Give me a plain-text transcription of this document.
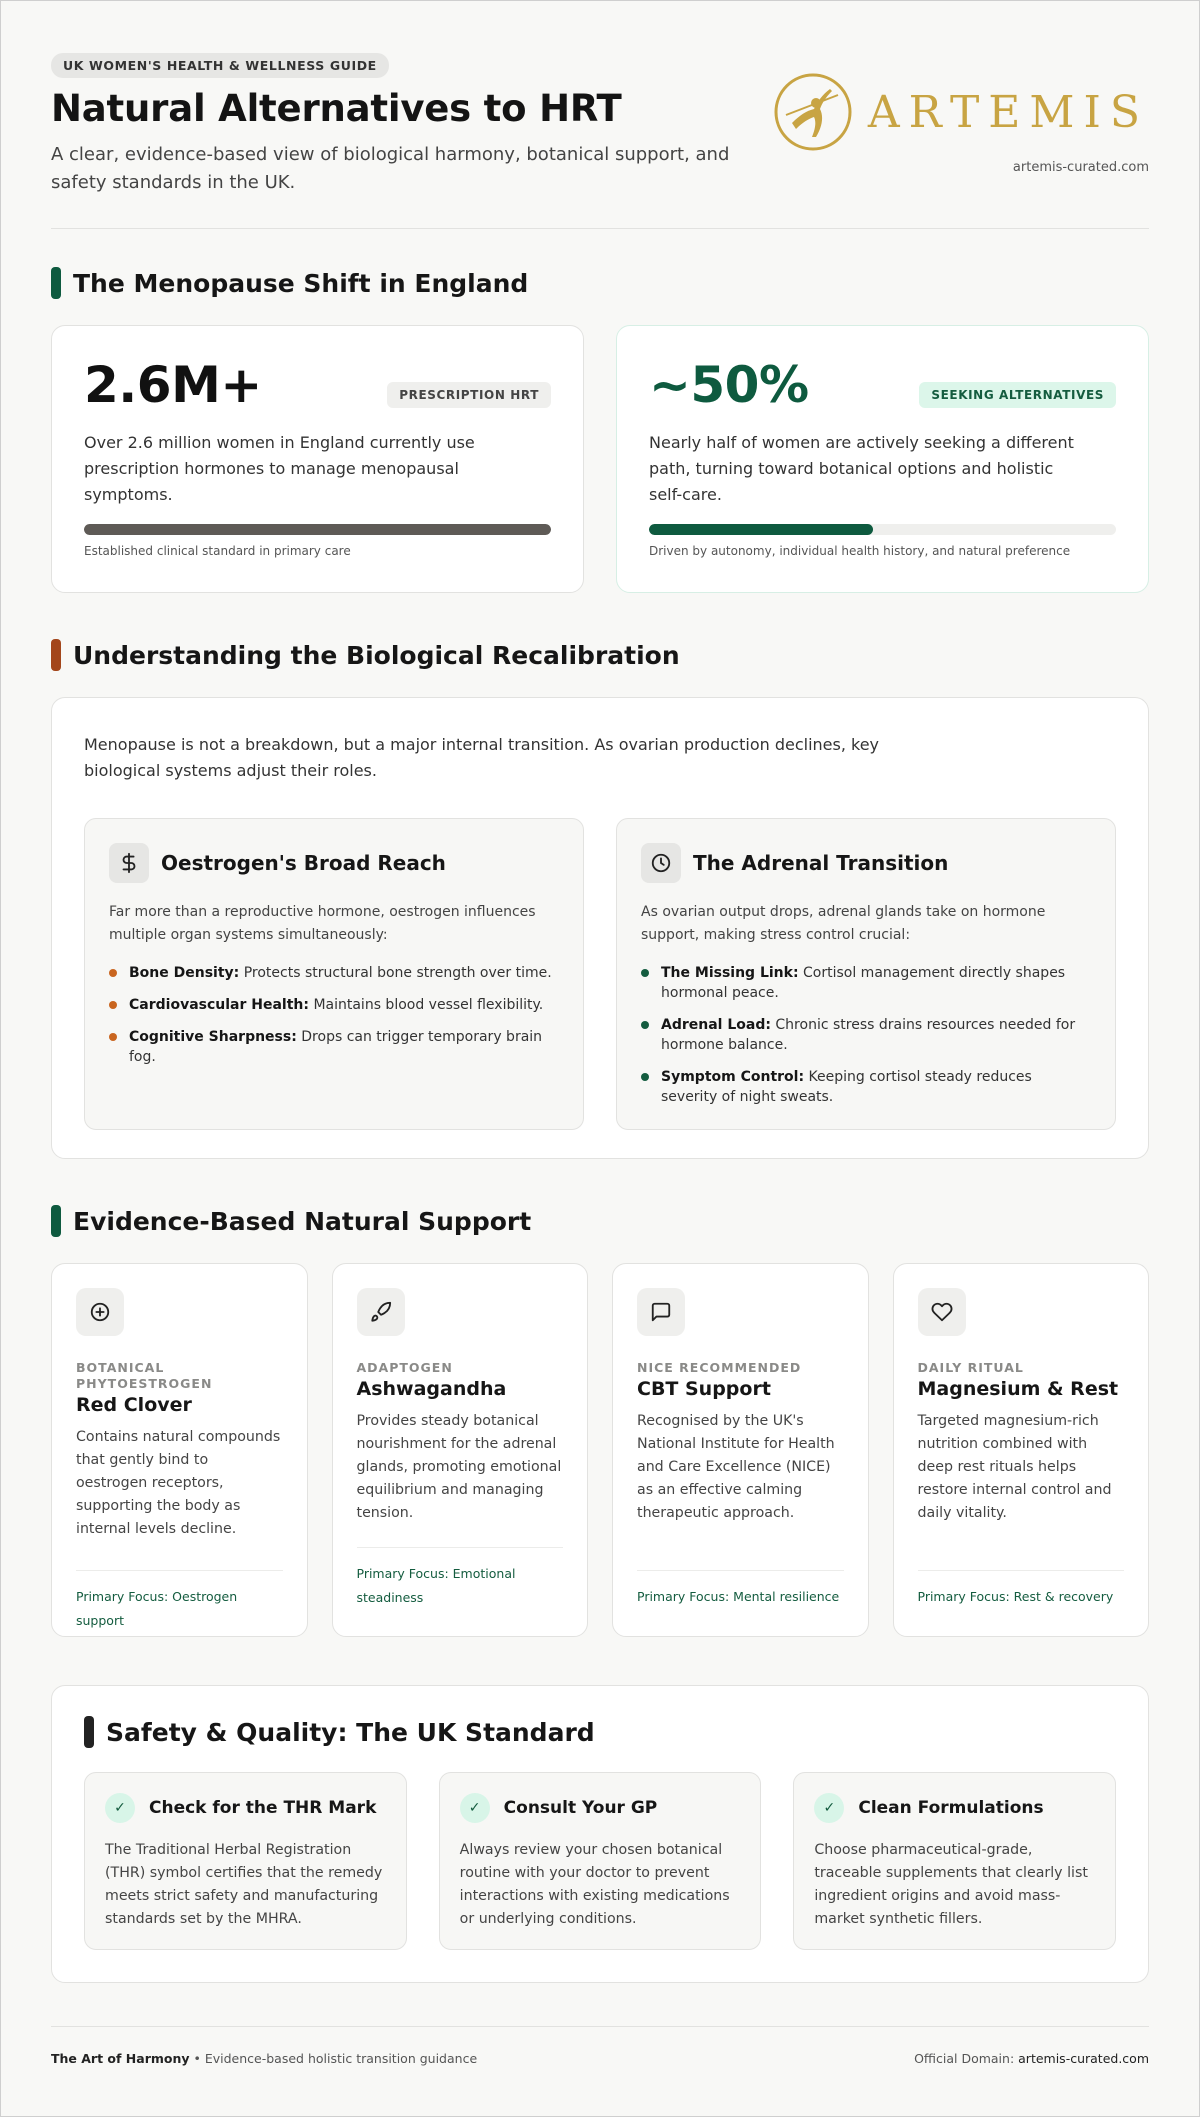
UK WOMEN'S HEALTH & WELLNESS GUIDE
Natural Alternatives to HRT

A clear, evidence-based view of biological harmony, botanical support, and safety standards in the UK.

ARTEMIS
artemis-curated.com
The Menopause Shift in England
2.6M+	PRESCRIPTION HRT

Over 2.6 million women in England currently use prescription hormones to manage menopausal symptoms.

Established clinical standard in primary care
~50%	SEEKING ALTERNATIVES

Nearly half of women are actively seeking a different path, turning toward botanical options and holistic self-care.

Driven by autonomy, individual health history, and natural preference
Understanding the Biological Recalibration

Menopause is not a breakdown, but a major internal transition. As ovarian production declines, key biological systems adjust their roles.

Oestrogen's Broad Reach

Far more than a reproductive hormone, oestrogen influences multiple organ systems simultaneously:

Bone Density: Protects structural bone strength over time.
Cardiovascular Health: Maintains blood vessel flexibility.
Cognitive Sharpness: Drops can trigger temporary brain fog.
The Adrenal Transition

As ovarian output drops, adrenal glands take on hormone support, making stress control crucial:

The Missing Link: Cortisol management directly shapes hormonal peace.
Adrenal Load: Chronic stress drains resources needed for hormone balance.
Symptom Control: Keeping cortisol steady reduces severity of night sweats.
Evidence-Based Natural Support
BOTANICAL PHYTOESTROGEN
Red Clover

Contains natural compounds that gently bind to oestrogen receptors, supporting the body as internal levels decline.

Primary Focus: Oestrogen support
ADAPTOGEN
Ashwagandha

Provides steady botanical nourishment for the adrenal glands, promoting emotional equilibrium and managing tension.

Primary Focus: Emotional steadiness
NICE RECOMMENDED
CBT Support

Recognised by the UK's National Institute for Health and Care Excellence (NICE) as an effective calming therapeutic approach.

Primary Focus: Mental resilience
DAILY RITUAL
Magnesium & Rest

Targeted magnesium-rich nutrition combined with deep rest rituals helps restore internal control and daily vitality.

Primary Focus: Rest & recovery
Safety & Quality: The UK Standard
✓	Check for the THR Mark

The Traditional Herbal Registration (THR) symbol certifies that the remedy meets strict safety and manufacturing standards set by the MHRA.

✓	Consult Your GP

Always review your chosen botanical routine with your doctor to prevent interactions with existing medications or underlying conditions.

✓	Clean Formulations

Choose pharmaceutical-grade, traceable supplements that clearly list ingredient origins and avoid mass-market synthetic fillers.

The Art of Harmony • Evidence-based holistic transition guidance	Official Domain: artemis-curated.com
